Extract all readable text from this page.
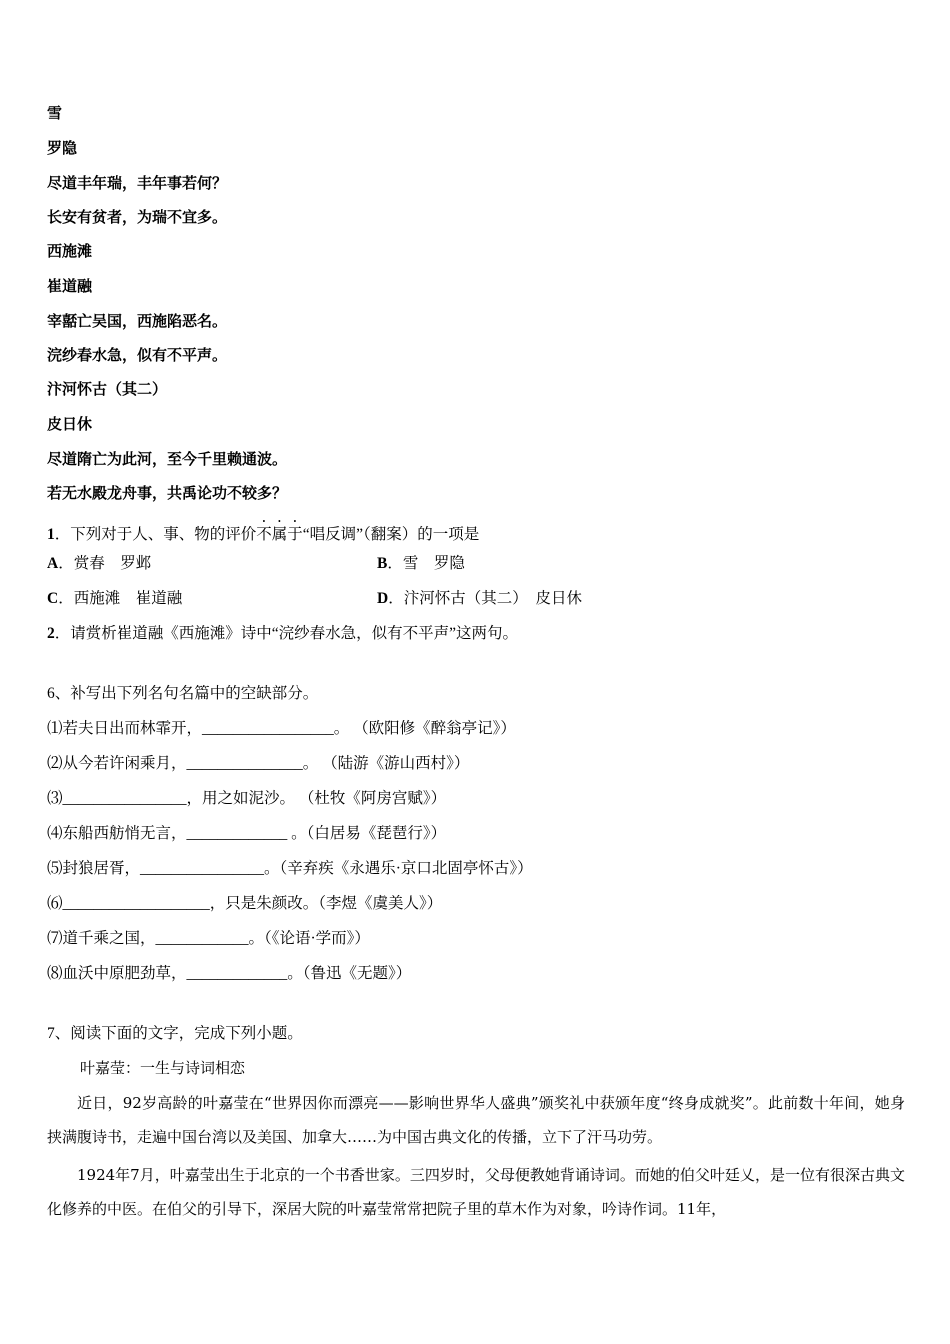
雪
罗隐
尽道丰年瑞，丰年事若何？
长安有贫者，为瑞不宜多。
西施滩
崔道融
宰嚭亡吴国，西施陷恶名。
浣纱春水急，似有不平声。
汴河怀古（其二）
皮日休
尽道隋亡为此河，至今千里赖通波。
若无水殿龙舟事，共禹论功不较多？
1．下列对于人、事、物的评价不属于“唱反调”（翻案）的一项是
A．赏春　罗邺	B．雪　罗隐
C．西施滩　崔道融	D．汴河怀古（其二）　皮日休
2．请赏析崔道融《西施滩》诗中“浣纱春水急，似有不平声”这两句。
6、补写出下列名句名篇中的空缺部分。
⑴若夫日出而林霏开，_________________。 （欧阳修《醉翁亭记》）
⑵从今若许闲乘月，_______________。 （陆游《游山西村》）
⑶________________，用之如泥沙。 （杜牧《阿房宫赋》）
⑷东船西舫悄无言，_____________ 。（白居易《琵琶行》）
⑸封狼居胥，________________。（辛弃疾《永遇乐·京口北固亭怀古》）
⑹___________________，只是朱颜改。（李煜《虞美人》）
⑺道千乘之国，____________。（《论语·学而》）
⑻血沃中原肥劲草，_____________。（鲁迅《无题》）
7、阅读下面的文字，完成下列小题。
叶嘉莹：一生与诗词相恋
近日，92岁高龄的叶嘉莹在“世界因你而漂亮——影响世界华人盛典”颁奖礼中获颁年度“终身成就奖”。此前数十年间，她身挟满腹诗书，走遍中国台湾以及美国、加拿大……为中国古典文化的传播，立下了汗马功劳。
1924年7月，叶嘉莹出生于北京的一个书香世家。三四岁时，父母便教她背诵诗词。而她的伯父叶廷乂，是一位有很深古典文化修养的中医。在伯父的引导下，深居大院的叶嘉莹常常把院子里的草木作为对象，吟诗作词。11年，
